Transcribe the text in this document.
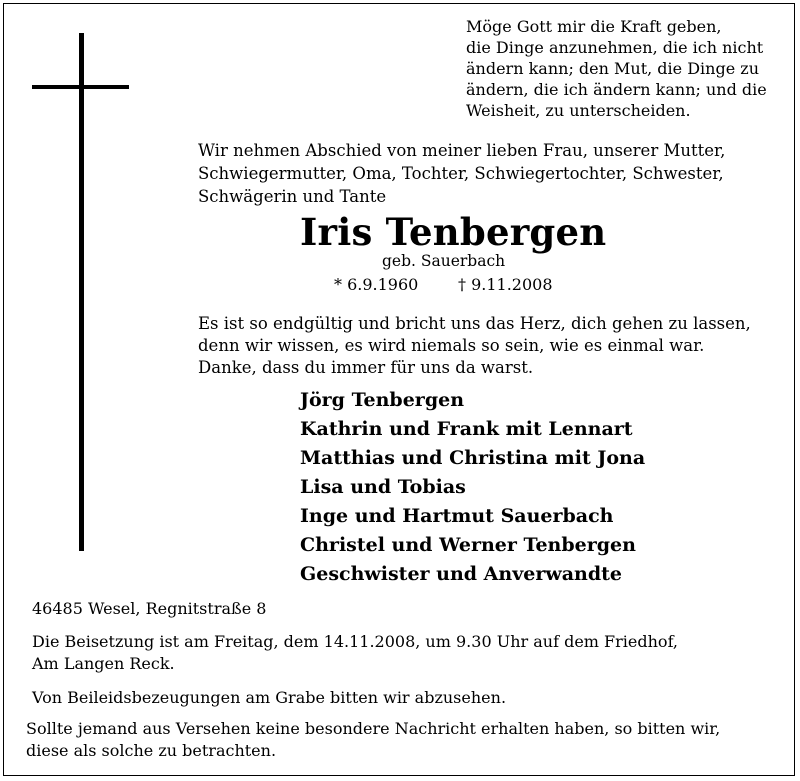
Möge Gott mir die Kraft geben,
die Dinge anzunehmen, die ich nicht
ändern kann; den Mut, die Dinge zu
ändern, die ich ändern kann; und die
Weisheit, zu unterscheiden.
Wir nehmen Abschied von meiner lieben Frau, unserer Mutter,
Schwiegermutter, Oma, Tochter, Schwiegertochter, Schwester,
Schwägerin und Tante
Iris Tenbergen
geb. Sauerbach
* 6.9.1960 † 9.11.2008
Es ist so endgültig und bricht uns das Herz, dich gehen zu lassen,
denn wir wissen, es wird niemals so sein, wie es einmal war.
Danke, dass du immer für uns da warst.
Jörg Tenbergen
Kathrin und Frank mit Lennart
Matthias und Christina mit Jona
Lisa und Tobias
Inge und Hartmut Sauerbach
Christel und Werner Tenbergen
Geschwister und Anverwandte
46485 Wesel, Regnitstraße 8
Die Beisetzung ist am Freitag, dem 14.11.2008, um 9.30 Uhr auf dem Friedhof,
Am Langen Reck.
Von Beileidsbezeugungen am Grabe bitten wir abzusehen.
Sollte jemand aus Versehen keine besondere Nachricht erhalten haben, so bitten wir,
diese als solche zu betrachten.
